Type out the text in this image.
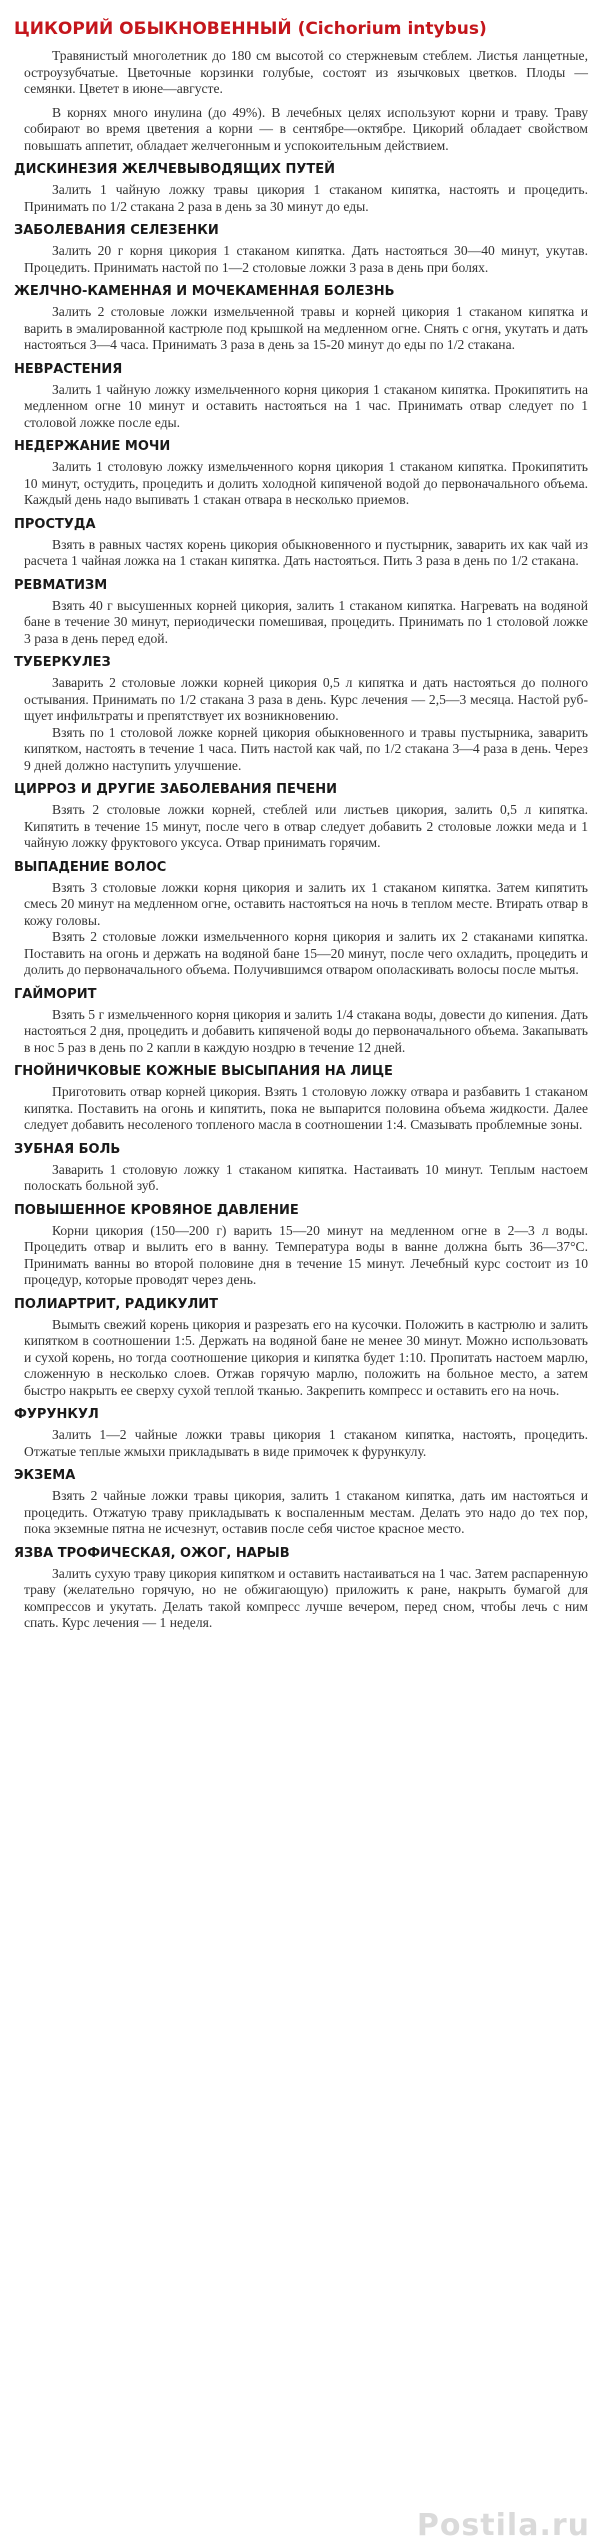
ЦИКОРИЙ ОБЫКНОВЕННЫЙ (Cichorium intybus)

Травянистый многолетник до 180 см высотой со стержневым стеблем. Листья ланцетные, остроузубчатые. Цветочные корзинки голубые, состоят из язычковых цветков. Плоды — семянки. Цветет в июне—августе.

В корнях много инулина (до 49%). В лечебных целях используют корни и траву. Траву собирают во время цветения а корни — в сентябре—октябре. Цикорий обладает свойством повышать аппетит, обладает желчегонным и успокоительным действием.

ДИСКИНЕЗИЯ ЖЕЛЧЕВЫВОДЯЩИХ ПУТЕЙ

Залить 1 чайную ложку травы цикория 1 стаканом кипятка, настоять и процедить. Принимать по 1/2 стакана 2 раза в день за 30 минут до еды.

ЗАБОЛЕВАНИЯ СЕЛЕЗЕНКИ

Залить 20 г корня цикория 1 стаканом кипятка. Дать настояться 30—40 минут, укутав. Процедить. Принимать настой по 1—2 столовые ложки 3 раза в день при болях.

ЖЕЛЧНО-КАМЕННАЯ И МОЧЕКАМЕННАЯ БОЛЕЗНЬ

Залить 2 столовые ложки измельченной травы и корней цикория 1 стаканом кипятка и варить в эмалированной кастрюле под крышкой на медленном огне. Снять с огня, укутать и дать настояться 3—4 часа. Принимать 3 раза в день за 15-20 минут до еды по 1/2 стакана.

НЕВРАСТЕНИЯ

Залить 1 чайную ложку измельченного корня цикория 1 стаканом кипятка. Прокипятить на медленном огне 10 минут и оставить настояться на 1 час. Принимать отвар следует по 1 столовой ложке после еды.

НЕДЕРЖАНИЕ МОЧИ

Залить 1 столовую ложку измельченного корня цикория 1 стаканом кипятка. Прокипятить 10 минут, остудить, процедить и долить холодной кипяченой водой до первоначального объема. Каждый день надо выпивать 1 стакан отвара в несколько приемов.

ПРОСТУДА

Взять в равных частях корень цикория обыкновенного и пустырник, заварить их как чай из расчета 1 чайная ложка на 1 стакан кипятка. Дать настояться. Пить 3 раза в день по 1/2 стакана.

РЕВМАТИЗМ

Взять 40 г высушенных корней цикория, залить 1 стаканом кипятка. Нагревать на водяной бане в течение 30 минут, периодически помешивая, процедить. Принимать по 1 столовой ложке 3 раза в день перед едой.

ТУБЕРКУЛЕЗ

Заварить 2 столовые ложки корней цикория 0,5 л кипятка и дать настояться до полного остывания. Принимать по 1/2 стакана 3 раза в день. Курс лечения — 2,5—3 месяца. Настой руб-щует инфильтраты и препятствует их возникновению.

Взять по 1 столовой ложке корней цикория обыкновенного и травы пустырника, заварить кипятком, настоять в течение 1 часа. Пить настой как чай, по 1/2 стакана 3—4 раза в день. Через 9 дней должно наступить улучшение.

ЦИРРОЗ И ДРУГИЕ ЗАБОЛЕВАНИЯ ПЕЧЕНИ

Взять 2 столовые ложки корней, стеблей или листьев цикория, залить 0,5 л кипятка. Кипятить в течение 15 минут, после чего в отвар следует добавить 2 столовые ложки меда и 1 чайную ложку фруктового уксуса. Отвар принимать горячим.

ВЫПАДЕНИЕ ВОЛОС

Взять 3 столовые ложки корня цикория и залить их 1 стаканом кипятка. Затем кипятить смесь 20 минут на медленном огне, оставить настояться на ночь в теплом месте. Втирать отвар в кожу головы.

Взять 2 столовые ложки измельченного корня цикория и залить их 2 стаканами кипятка. Поставить на огонь и держать на водяной бане 15—20 минут, после чего охладить, процедить и долить до первоначального объема. Получившимся отваром ополаскивать волосы после мытья.

ГАЙМОРИТ

Взять 5 г измельченного корня цикория и залить 1/4 стакана воды, довести до кипения. Дать настояться 2 дня, процедить и добавить кипяченой воды до первоначального объема. Закапывать в нос 5 раз в день по 2 капли в каждую ноздрю в течение 12 дней.

ГНОЙНИЧКОВЫЕ КОЖНЫЕ ВЫСЫПАНИЯ НА ЛИЦЕ

Приготовить отвар корней цикория. Взять 1 столовую ложку отвара и разбавить 1 стаканом кипятка. Поставить на огонь и кипятить, пока не выпарится половина объема жидкости. Далее следует добавить несоленого топленого масла в соотношении 1:4. Смазывать проблемные зоны.

ЗУБНАЯ БОЛЬ

Заварить 1 столовую ложку 1 стаканом кипятка. Настаивать 10 минут. Теплым настоем полоскать больной зуб.

ПОВЫШЕННОЕ КРОВЯНОЕ ДАВЛЕНИЕ

Корни цикория (150—200 г) варить 15—20 минут на медленном огне в 2—3 л воды. Процедить отвар и вылить его в ванну. Температура воды в ванне должна быть 36—37°С. Принимать ванны во второй половине дня в течение 15 минут. Лечебный курс состоит из 10 процедур, которые проводят через день.

ПОЛИАРТРИТ, РАДИКУЛИТ

Вымыть свежий корень цикория и разрезать его на кусочки. Положить в кастрюлю и залить кипятком в соотношении 1:5. Держать на водяной бане не менее 30 минут. Можно использовать и сухой корень, но тогда соотношение цикория и кипятка будет 1:10. Пропитать настоем марлю, сложенную в несколько слоев. Отжав горячую марлю, положить на больное место, а затем быстро накрыть ее сверху сухой теплой тканью. Закрепить компресс и оставить его на ночь.

ФУРУНКУЛ

Залить 1—2 чайные ложки травы цикория 1 стаканом кипятка, настоять, процедить. Отжатые теплые жмыхи прикладывать в виде примочек к фурункулу.

ЭКЗЕМА

Взять 2 чайные ложки травы цикория, залить 1 стаканом кипятка, дать им настояться и процедить. Отжатую траву прикладывать к воспаленным местам. Делать это надо до тех пор, пока экземные пятна не исчезнут, оставив после себя чистое красное место.

ЯЗВА ТРОФИЧЕСКАЯ, ОЖОГ, НАРЫВ

Залить сухую траву цикория кипятком и оставить настаиваться на 1 час. Затем распаренную траву (желательно горячую, но не обжигающую) приложить к ране, накрыть бумагой для компрессов и укутать. Делать такой компресс лучше вечером, перед сном, чтобы лечь с ним спать. Курс лечения — 1 неделя.

Postila.ru
